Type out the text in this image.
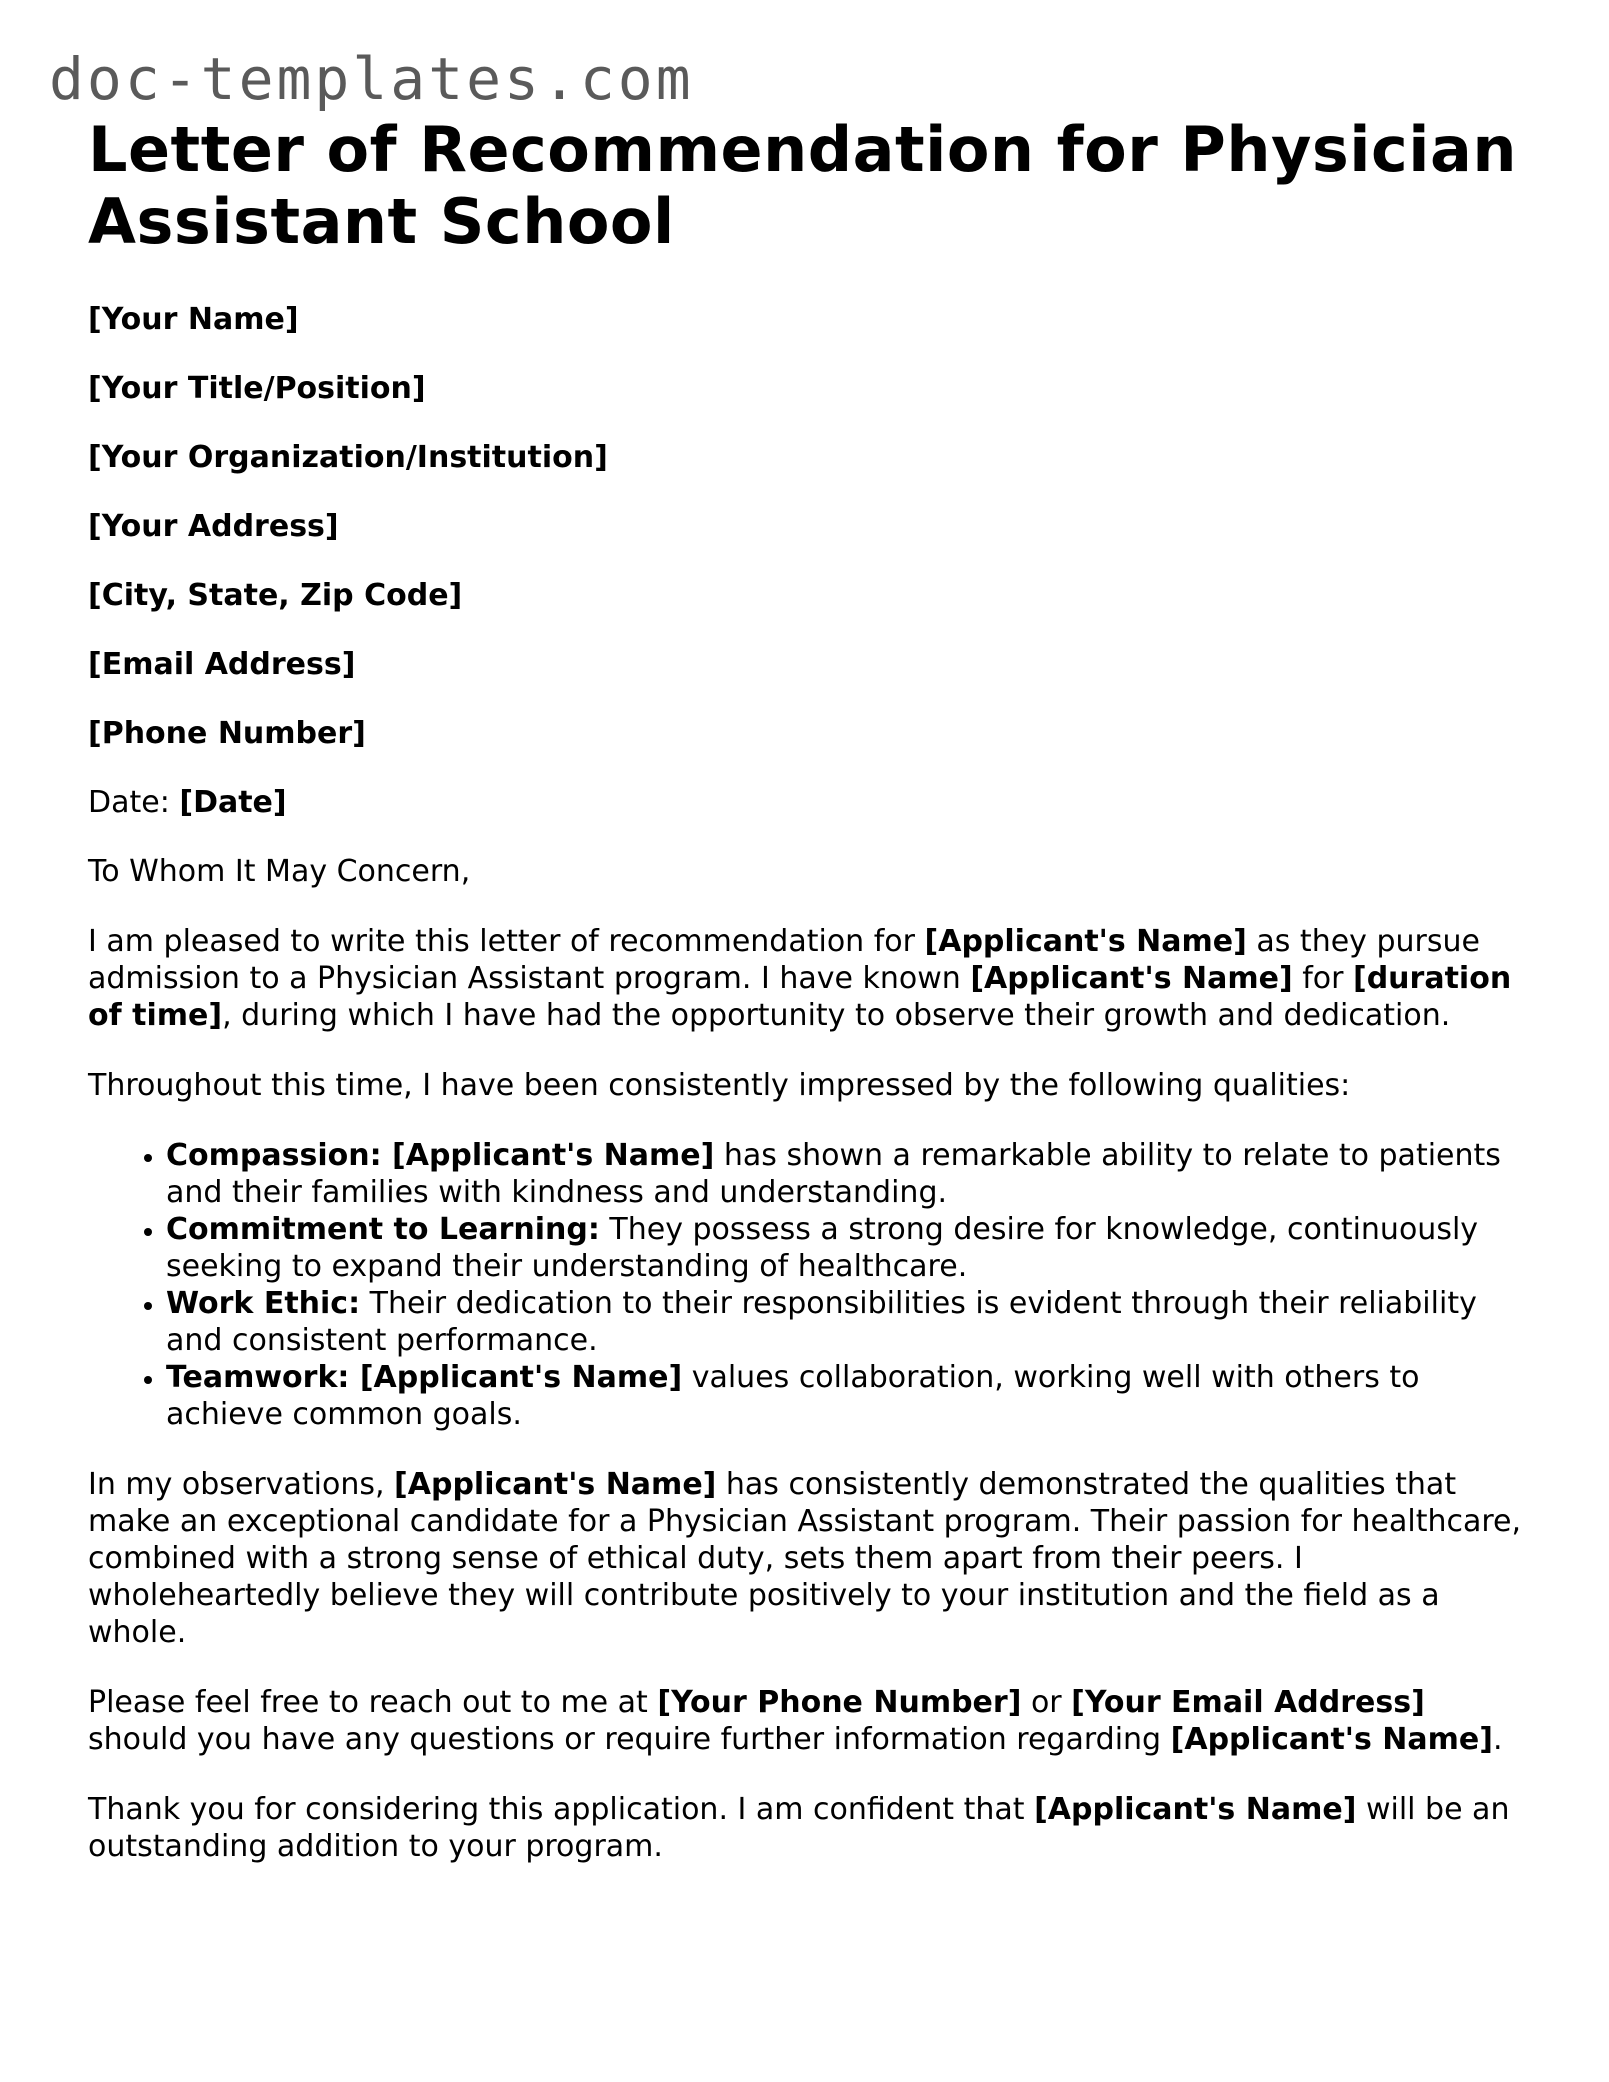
doc-templates.com
Letter of Recommendation for Physician Assistant School
[Your Name]
[Your Title/Position]
[Your Organization/Institution]
[Your Address]
[City, State, Zip Code]
[Email Address]
[Phone Number]
Date: [Date]
To Whom It May Concern,

I am pleased to write this letter of recommendation for [Applicant's Name] as they pursue admission to a Physician Assistant program. I have known [Applicant's Name] for [duration of time], during which I have had the opportunity to observe their growth and dedication.

Throughout this time, I have been consistently impressed by the following qualities:

• Compassion: [Applicant's Name] has shown a remarkable ability to relate to patients and their families with kindness and understanding.
• Commitment to Learning: They possess a strong desire for knowledge, continuously seeking to expand their understanding of healthcare.
• Work Ethic: Their dedication to their responsibilities is evident through their reliability and consistent performance.
• Teamwork: [Applicant's Name] values collaboration, working well with others to achieve common goals.

In my observations, [Applicant's Name] has consistently demonstrated the qualities that make an exceptional candidate for a Physician Assistant program. Their passion for healthcare, combined with a strong sense of ethical duty, sets them apart from their peers. I wholeheartedly believe they will contribute positively to your institution and the field as a whole.

Please feel free to reach out to me at [Your Phone Number] or [Your Email Address] should you have any questions or require further information regarding [Applicant's Name].

Thank you for considering this application. I am confident that [Applicant's Name] will be an outstanding addition to your program.
